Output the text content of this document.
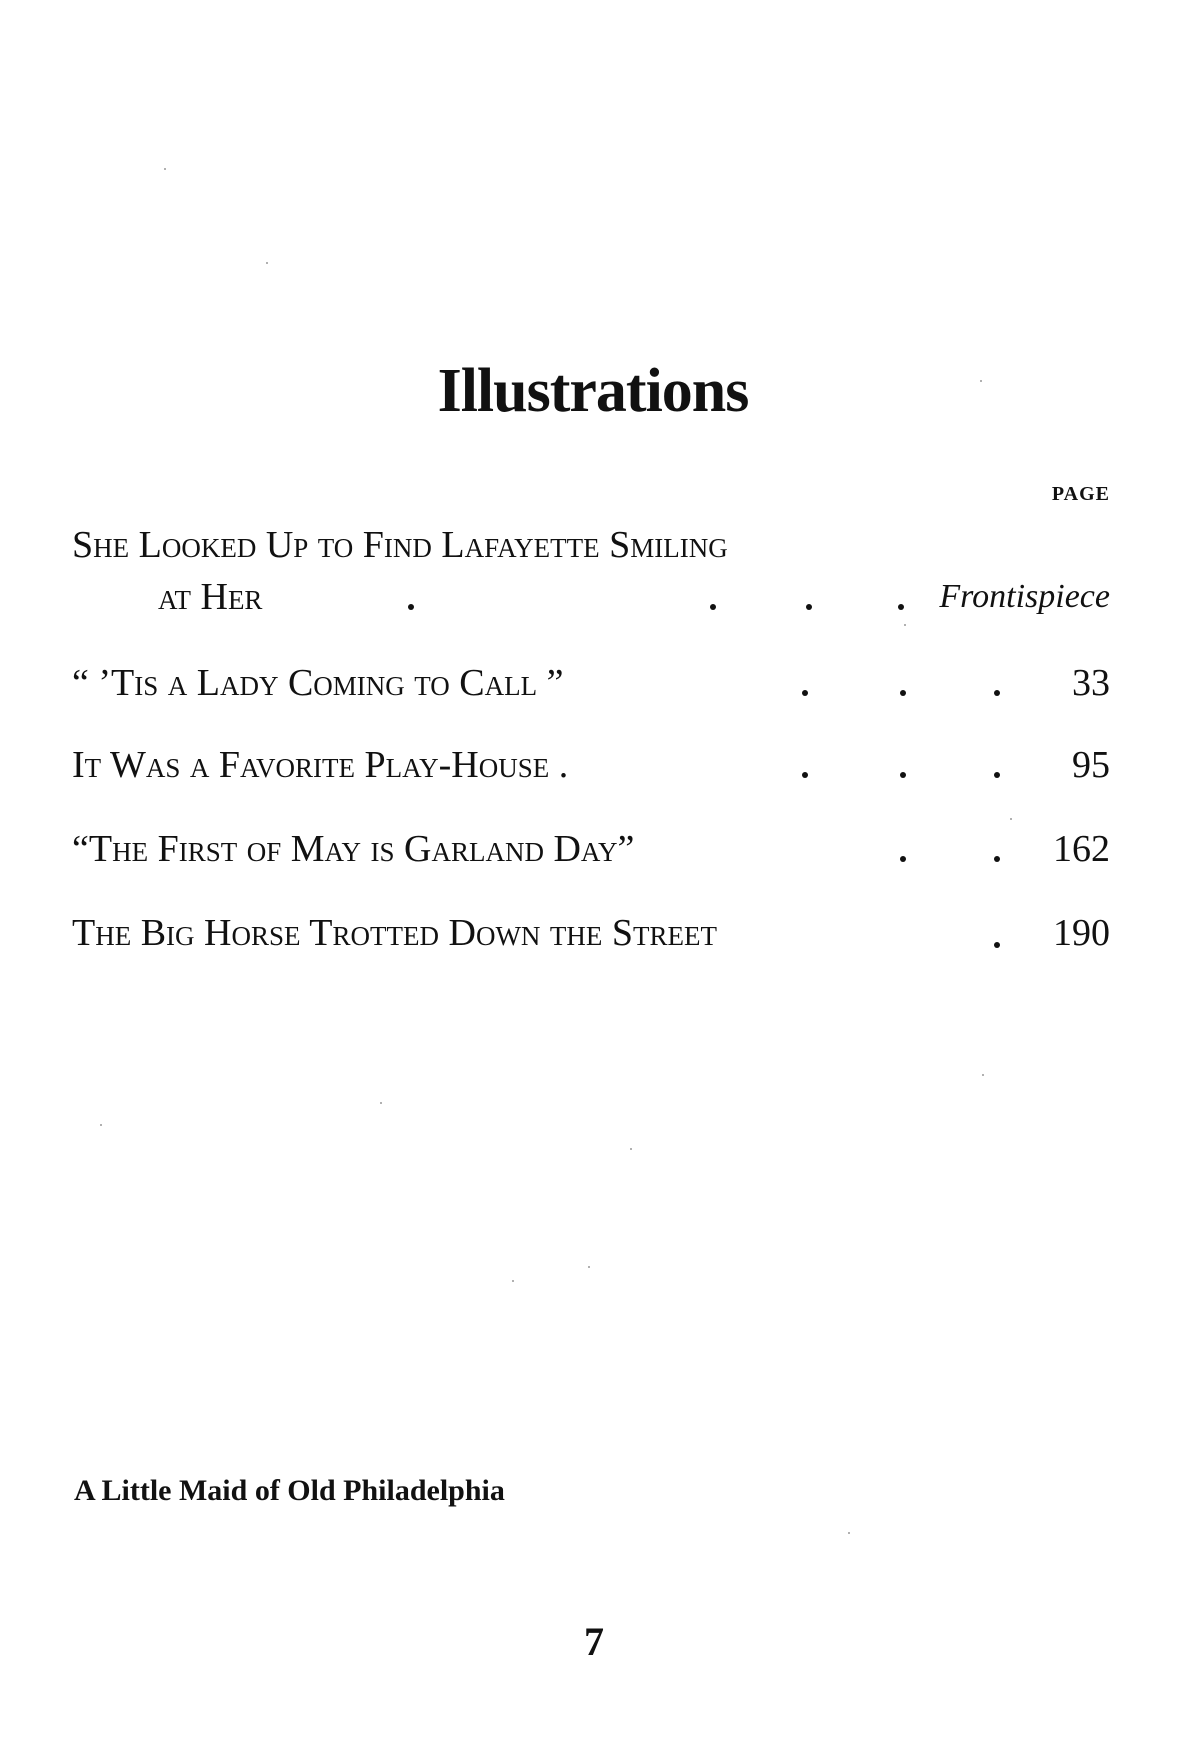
Illustrations
PAGE
She Looked Up to Find Lafayette Smiling
at Her	Frontispiece
“ ’Tis a Lady Coming to Call ”	33
It Was a Favorite Play-House .	95
“The First of May is Garland Day”	162
The Big Horse Trotted Down the Street	190
A Little Maid of Old Philadelphia
7
